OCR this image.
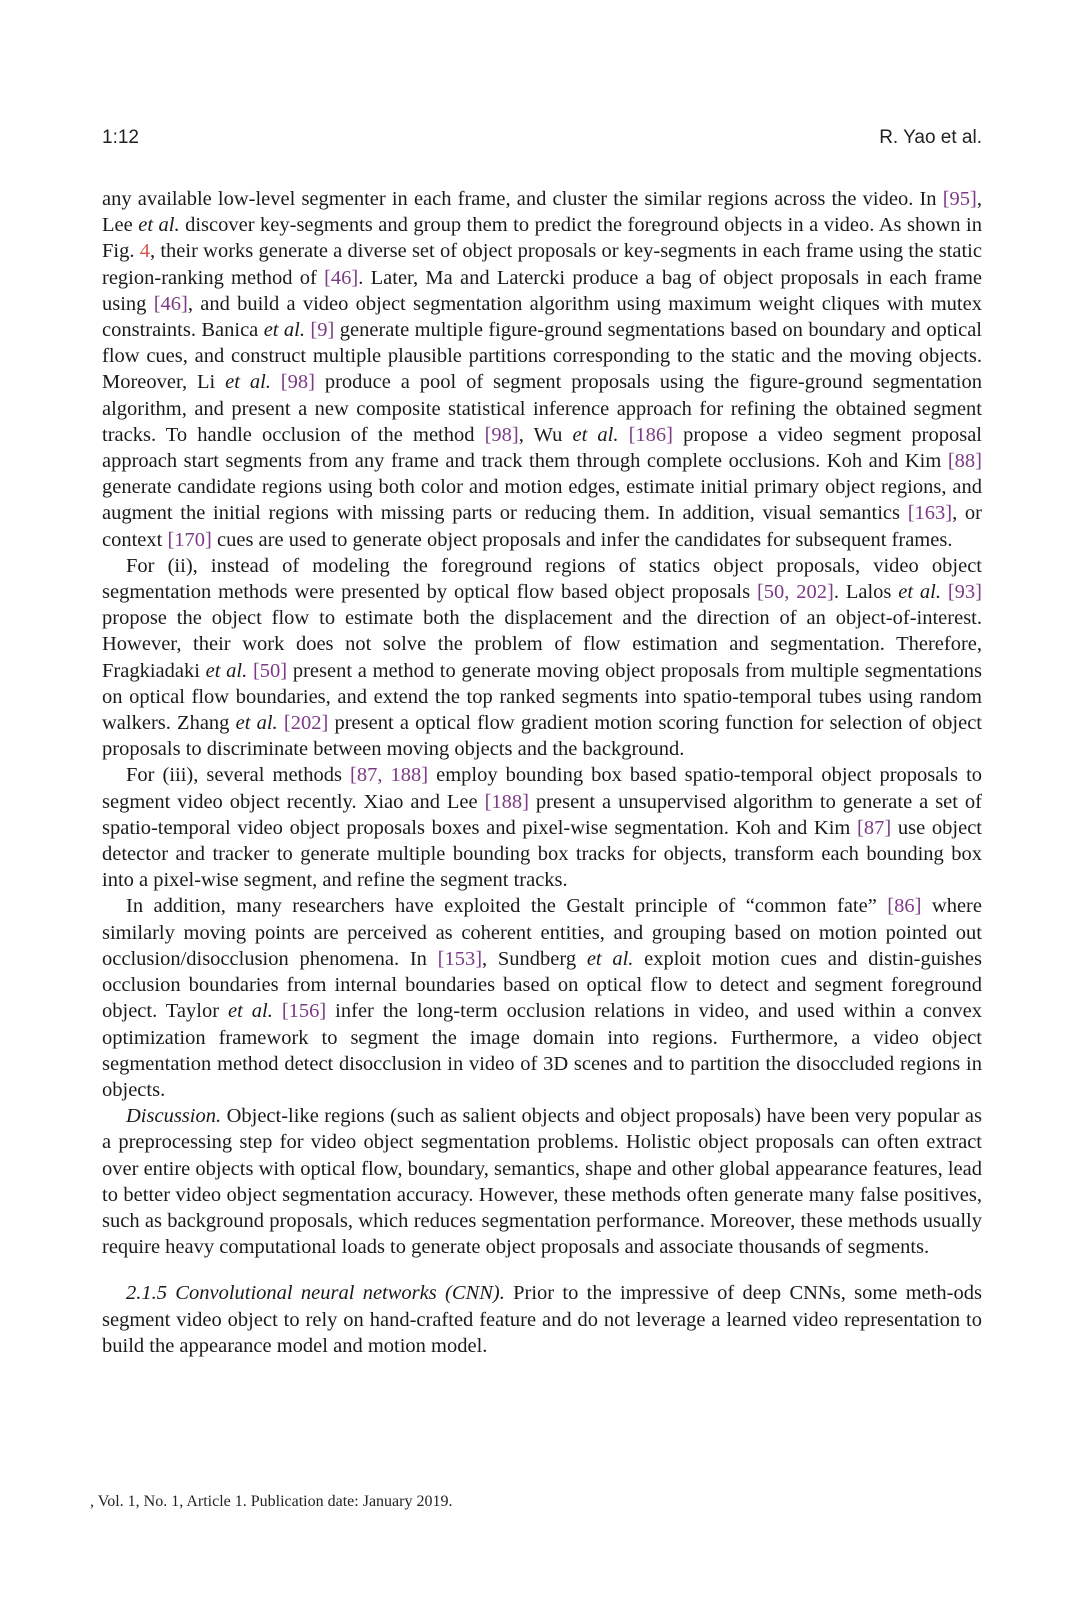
1:12	R. Yao et al.

any available low-level segmenter in each frame, and cluster the similar regions across the video. In [95], Lee et al. discover key-segments and group them to predict the foreground objects in a video. As shown in Fig. 4, their works generate a diverse set of object proposals or key-segments in each frame using the static region-ranking method of [46]. Later, Ma and Latercki produce a bag of object proposals in each frame using [46], and build a video object segmentation algorithm using maximum weight cliques with mutex constraints. Banica et al. [9] generate multiple figure-ground segmentations based on boundary and optical flow cues, and construct multiple plausible partitions corresponding to the static and the moving objects. Moreover, Li et al. [98] produce a pool of segment proposals using the figure-ground segmentation algorithm, and present a new composite statistical inference approach for refining the obtained segment tracks. To handle occlusion of the method [98], Wu et al. [186] propose a video segment proposal approach start segments from any frame and track them through complete occlusions. Koh and Kim [88] generate candidate regions using both color and motion edges, estimate initial primary object regions, and augment the initial regions with missing parts or reducing them. In addition, visual semantics [163], or context [170] cues are used to generate object proposals and infer the candidates for subsequent frames.

For (ii), instead of modeling the foreground regions of statics object proposals, video object segmentation methods were presented by optical flow based object proposals [50, 202]. Lalos et al. [93] propose the object flow to estimate both the displacement and the direction of an object-of-interest. However, their work does not solve the problem of flow estimation and segmentation. Therefore, Fragkiadaki et al. [50] present a method to generate moving object proposals from multiple segmentations on optical flow boundaries, and extend the top ranked segments into spatio-temporal tubes using random walkers. Zhang et al. [202] present a optical flow gradient motion scoring function for selection of object proposals to discriminate between moving objects and the background.

For (iii), several methods [87, 188] employ bounding box based spatio-temporal object proposals to segment video object recently. Xiao and Lee [188] present a unsupervised algorithm to generate a set of spatio-temporal video object proposals boxes and pixel-wise segmentation. Koh and Kim [87] use object detector and tracker to generate multiple bounding box tracks for objects, transform each bounding box into a pixel-wise segment, and refine the segment tracks.

In addition, many researchers have exploited the Gestalt principle of “common fate” [86] where similarly moving points are perceived as coherent entities, and grouping based on motion pointed out occlusion/disocclusion phenomena. In [153], Sundberg et al. exploit motion cues and distin-guishes occlusion boundaries from internal boundaries based on optical flow to detect and segment foreground object. Taylor et al. [156] infer the long-term occlusion relations in video, and used within a convex optimization framework to segment the image domain into regions. Furthermore, a video object segmentation method detect disocclusion in video of 3D scenes and to partition the disoccluded regions in objects.

Discussion. Object-like regions (such as salient objects and object proposals) have been very popular as a preprocessing step for video object segmentation problems. Holistic object proposals can often extract over entire objects with optical flow, boundary, semantics, shape and other global appearance features, lead to better video object segmentation accuracy. However, these methods often generate many false positives, such as background proposals, which reduces segmentation performance. Moreover, these methods usually require heavy computational loads to generate object proposals and associate thousands of segments.

2.1.5 Convolutional neural networks (CNN). Prior to the impressive of deep CNNs, some meth-ods segment video object to rely on hand-crafted feature and do not leverage a learned video representation to build the appearance model and motion model.

, Vol. 1, No. 1, Article 1. Publication date: January 2019.
